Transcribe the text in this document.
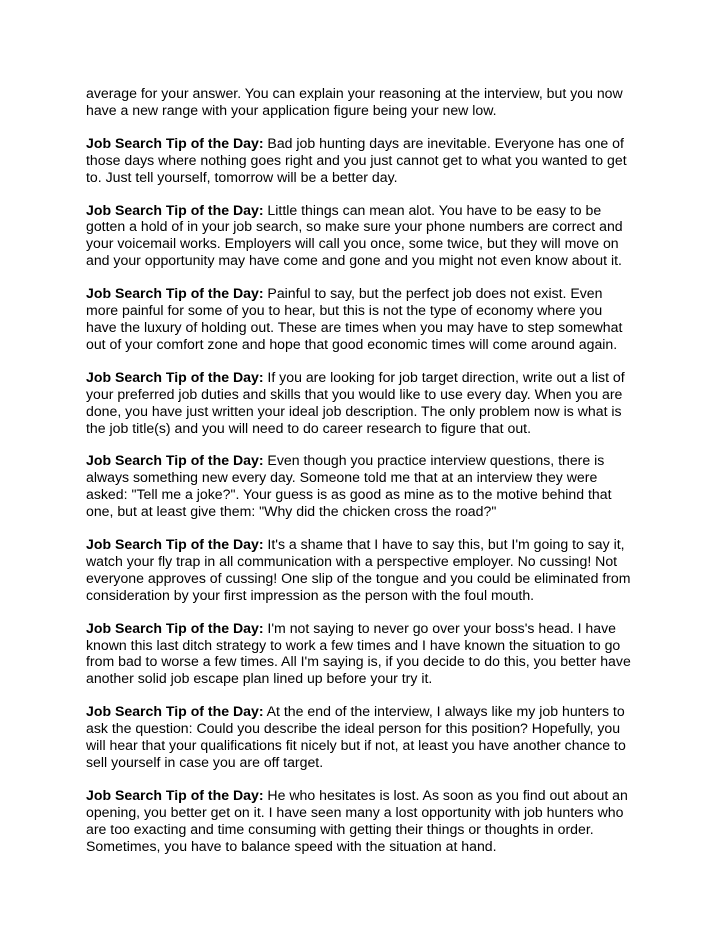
average for your answer. You can explain your reasoning at the interview, but you now
have a new range with your application figure being your new low.

Job Search Tip of the Day: Bad job hunting days are inevitable. Everyone has one of
those days where nothing goes right and you just cannot get to what you wanted to get
to. Just tell yourself, tomorrow will be a better day.

Job Search Tip of the Day: Little things can mean alot. You have to be easy to be
gotten a hold of in your job search, so make sure your phone numbers are correct and
your voicemail works. Employers will call you once, some twice, but they will move on
and your opportunity may have come and gone and you might not even know about it.

Job Search Tip of the Day: Painful to say, but the perfect job does not exist. Even
more painful for some of you to hear, but this is not the type of economy where you
have the luxury of holding out. These are times when you may have to step somewhat
out of your comfort zone and hope that good economic times will come around again.

Job Search Tip of the Day: If you are looking for job target direction, write out a list of
your preferred job duties and skills that you would like to use every day. When you are
done, you have just written your ideal job description. The only problem now is what is
the job title(s) and you will need to do career research to figure that out.

Job Search Tip of the Day: Even though you practice interview questions, there is
always something new every day. Someone told me that at an interview they were
asked: "Tell me a joke?". Your guess is as good as mine as to the motive behind that
one, but at least give them: "Why did the chicken cross the road?"

Job Search Tip of the Day: It's a shame that I have to say this, but I'm going to say it,
watch your fly trap in all communication with a perspective employer. No cussing! Not
everyone approves of cussing! One slip of the tongue and you could be eliminated from
consideration by your first impression as the person with the foul mouth.

Job Search Tip of the Day: I'm not saying to never go over your boss's head. I have
known this last ditch strategy to work a few times and I have known the situation to go
from bad to worse a few times. All I'm saying is, if you decide to do this, you better have
another solid job escape plan lined up before your try it.

Job Search Tip of the Day: At the end of the interview, I always like my job hunters to
ask the question: Could you describe the ideal person for this position? Hopefully, you
will hear that your qualifications fit nicely but if not, at least you have another chance to
sell yourself in case you are off target.

Job Search Tip of the Day: He who hesitates is lost. As soon as you find out about an
opening, you better get on it. I have seen many a lost opportunity with job hunters who
are too exacting and time consuming with getting their things or thoughts in order.
Sometimes, you have to balance speed with the situation at hand.
